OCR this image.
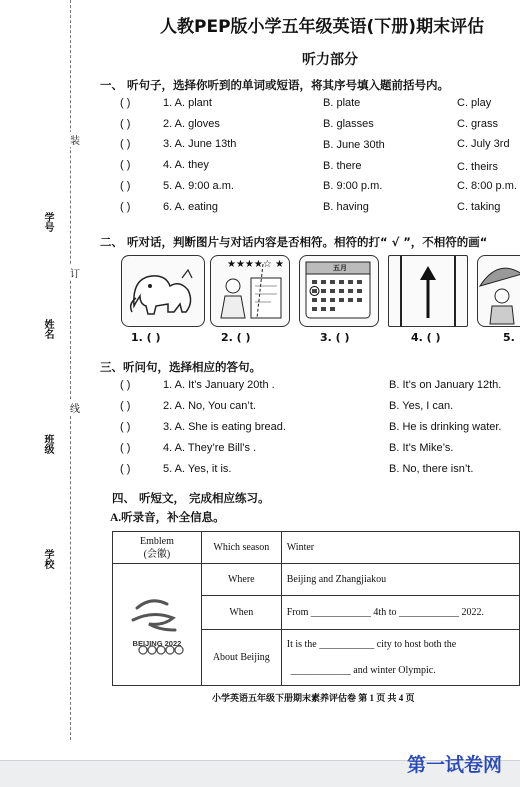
装
订
线
学号
姓名
班级
学校
人教PEP版小学五年级英语(下册)期末评估
听力部分
一、 听句子，选择你听到的单词或短语，将其序号填入题前括号内。
( )	1. A. plant	B. plate	C. play
( )	2. A. gloves	B. glasses	C. grass
( )	3. A. June 13th	B. June 30th	C. July 3rd
( )	4. A. they	B. there	C. theirs
( )	5. A. 9:00 a.m.	B. 9:00 p.m.	C. 8:00 p.m.
( )	6. A. eating	B. having	C. taking
二、 听对话，判断图片与对话内容是否相符。相符的打“ √ ”，不相符的画“
★★★★☆ ★	五月
1. ( )	2. ( )	3. ( )	4. ( )	5.
三、听问句，选择相应的答句。
( )	1. A. It’s January 20th .	B. It’s on January 12th.
( )	2. A. No, You can’t.	B. Yes, I can.
( )	3. A. She is eating bread.	B. He is drinking water.
( )	4. A. They’re Bill’s .	B. It’s Mike’s.
( )	5. A. Yes, it is.	B. No, there isn’t.
四、 听短文， 完成相应练习。
A.听录音，补全信息。
Emblem
(会徽)	Which season	Winter

BEIJING 2022	Where	Beijing and Zhangjiakou
	When	From ____________ 4th to ____________ 2022.
	About Beijing	It is the ___________ city to host both the
____________ and winter Olympic.
小学英语五年级下册期末素养评估卷 第 1 页 共 4 页
第一试卷网
